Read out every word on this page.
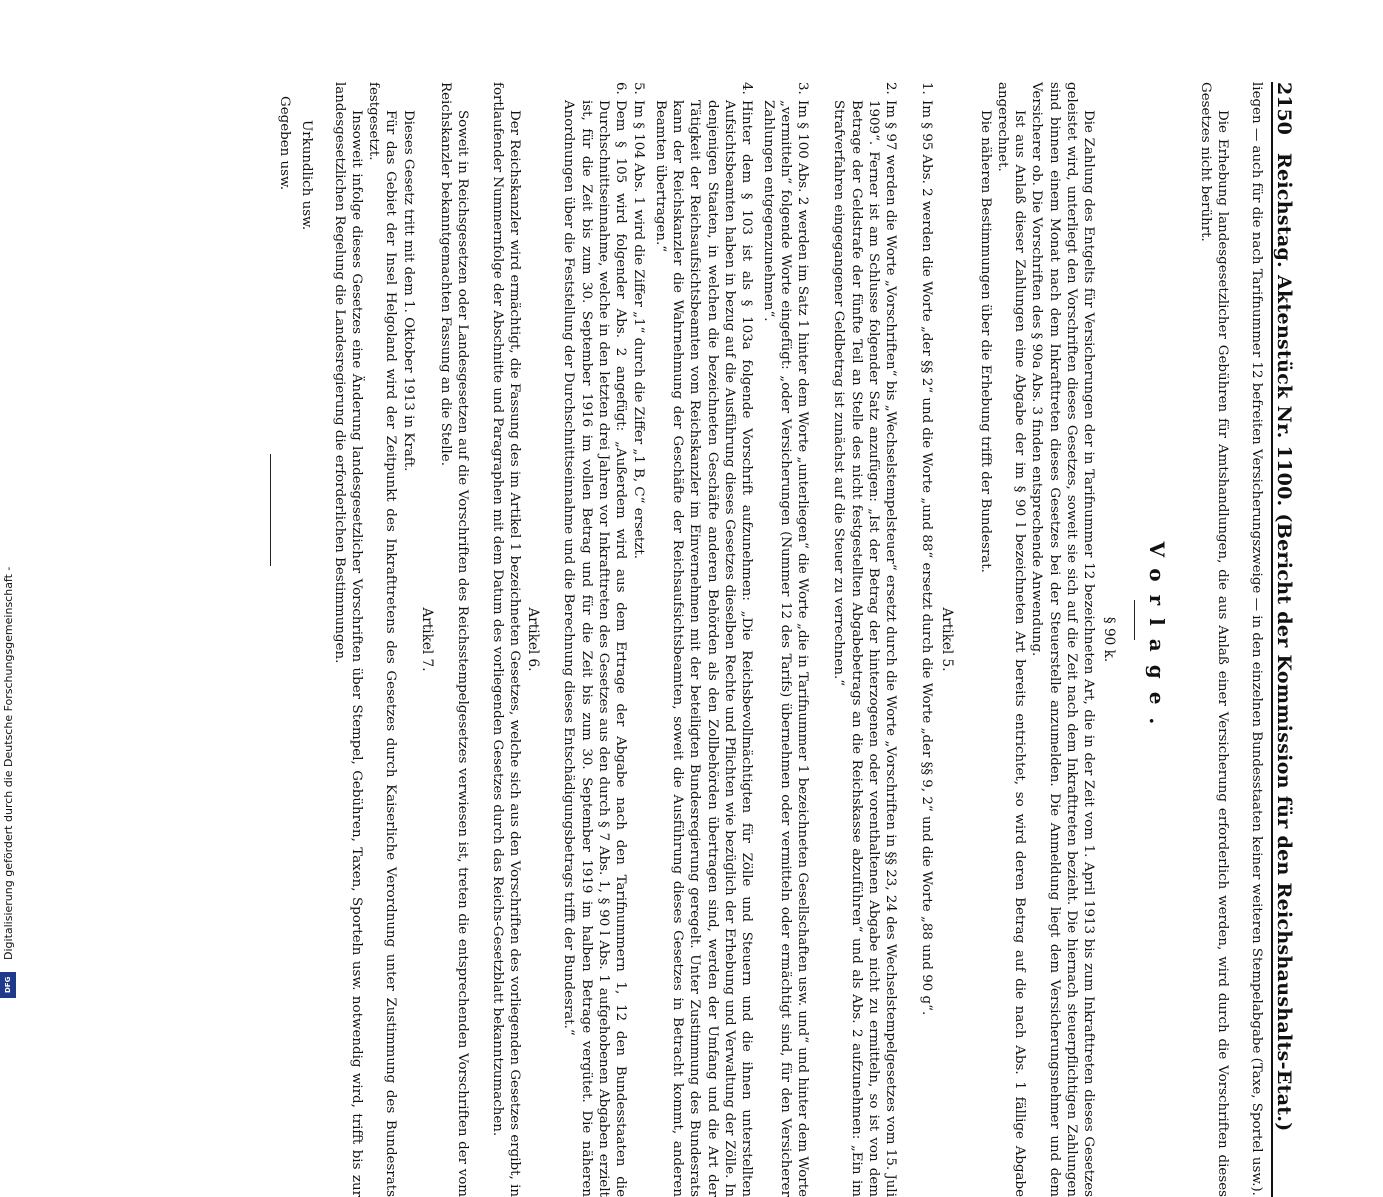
Digitalisierung gefördert durch die Deutsche Forschungsgemeinschaft -
DFG
2150
Reichstag. Aktenstück Nr. 1100. (Bericht der Kommission für den Reichshaushalts-Etat.)
liegen — auch für die nach Tarifnummer 12 befreiten Versicherungszweige — in den einzelnen Bundesstaaten keiner weiteren Stempelabgabe (Taxe, Sportel usw.).
Die Erhebung landesgesetzlicher Gebühren für Amtshandlungen, die aus Anlaß einer Versicherung erforderlich werden, wird durch die Vorschriften dieses Gesetzes nicht berührt.
Vorlage.
§ 90 k.
Die Zahlung des Entgelts für Versicherungen der in Tarifnummer 12 bezeichneten Art, die in der Zeit vom 1. April 1913 bis zum Inkrafttreten dieses Gesetzes geleistet wird, unterliegt den Vorschriften dieses Gesetzes, soweit sie sich auf die Zeit nach dem Inkrafttreten bezieht. Die hiernach steuerpflichtigen Zahlungen sind binnen einem Monat nach dem Inkrafttreten dieses Gesetzes bei der Steuerstelle anzumelden. Die Anmeldung liegt dem Versicherungsnehmer und dem Versicherer ob. Die Vorschriften des § 90a Abs. 3 finden entsprechende Anwendung.
Ist aus Anlaß dieser Zahlungen eine Abgabe der im § 90 l bezeichneten Art bereits entrichtet, so wird deren Betrag auf die nach Abs. 1 fällige Abgabe angerechnet.
Die näheren Bestimmungen über die Erhebung trifft der Bundesrat.
Artikel 5.
1.
Im § 95 Abs. 2 werden die Worte „der §§ 2“ und die Worte „und 88“ ersetzt durch die Worte „der §§ 9, 2“ und die Worte „88 und 90 g“.
2.
Im § 97 werden die Worte „Vorschriften“ bis „Wechselstempelsteuer“ ersetzt durch die Worte „Vorschriften in §§ 23, 24 des Wechselstempelgesetzes vom 15. Juli 1909“. Ferner ist am Schlusse folgender Satz anzufügen: „Ist der Betrag der hinterzogenen oder vorenthaltenen Abgabe nicht zu ermitteln, so ist von dem Betrage der Geldstrafe der fünfte Teil an Stelle des nicht festgestellten Abgabebetrags an die Reichskasse abzuführen“ und als Abs. 2 aufzunehmen: „Ein im Strafverfahren eingegangener Geldbetrag ist zunächst auf die Steuer zu verrechnen.“
3.
Im § 100 Abs. 2 werden im Satz 1 hinter dem Worte „unterliegen“ die Worte „die in Tarifnummer 1 bezeichneten Gesellschaften usw. und“ und hinter dem Worte „vermitteln“ folgende Worte eingefügt: „oder Versicherungen (Nummer 12 des Tarifs) übernehmen oder vermitteln oder ermächtigt sind, für den Versicherer Zahlungen entgegenzunehmen“.
4.
Hinter dem § 103 ist als § 103a folgende Vorschrift aufzunehmen: „Die Reichsbevollmächtigten für Zölle und Steuern und die ihnen unterstellten Aufsichtsbeamten haben in bezug auf die Ausführung dieses Gesetzes dieselben Rechte und Pflichten wie bezüglich der Erhebung und Verwaltung der Zölle. In denjenigen Staaten, in welchen die bezeichneten Geschäfte anderen Behörden als den Zollbehörden übertragen sind, werden der Umfang und die Art der Tätigkeit der Reichsaufsichtsbeamten vom Reichskanzler im Einvernehmen mit der beteiligten Bundesregierung geregelt. Unter Zustimmung des Bundesrats kann der Reichskanzler die Wahrnehmung der Geschäfte der Reichsaufsichtsbeamten, soweit die Ausführung dieses Gesetzes in Betracht kommt, anderen Beamten übertragen.“
5.
Im § 104 Abs. 1 wird die Ziffer „1“ durch die Ziffer „1 B, C“ ersetzt.
6.
Dem § 105 wird folgender Abs. 2 angefügt: „Außerdem wird aus dem Ertrage der Abgabe nach den Tarifnummern 1, 12 den Bundesstaaten die Durchschnittseinnahme, welche in den letzten drei Jahren vor Inkrafttreten des Gesetzes aus den durch § 7 Abs. 1, § 90 l Abs. 1 aufgehobenen Abgaben erzielt ist, für die Zeit bis zum 30. September 1916 im vollen Betrag und für die Zeit bis zum 30. September 1919 im halben Betrage vergütet. Die näheren Anordnungen über die Feststellung der Durchschnittseinnahme und die Berechnung dieses Entschädigungsbetrags trifft der Bundesrat.“
Artikel 6.
Der Reichskanzler wird ermächtigt, die Fassung des im Artikel 1 bezeichneten Gesetzes, welche sich aus den Vorschriften des vorliegenden Gesetzes ergibt, in fortlaufender Nummernfolge der Abschnitte und Paragraphen mit dem Datum des vorliegenden Gesetzes durch das Reichs-Gesetzblatt bekanntzumachen.
Soweit in Reichsgesetzen oder Landesgesetzen auf die Vorschriften des Reichsstempelgesetzes verwiesen ist, treten die entsprechenden Vorschriften der vom Reichskanzler bekanntgemachten Fassung an die Stelle.
Artikel 7.
Dieses Gesetz tritt mit dem 1. Oktober 1913 in Kraft.
Für das Gebiet der Insel Helgoland wird der Zeitpunkt des Inkrafttretens des Gesetzes durch Kaiserliche Verordnung unter Zustimmung des Bundesrats festgesetzt.
Insoweit infolge dieses Gesetzes eine Änderung landesgesetzlicher Vorschriften über Stempel, Gebühren, Taxen, Sporteln usw. notwendig wird, trifft bis zur landesgesetzlichen Regelung die Landesregierung die erforderlichen Bestimmungen.
Urkundlich usw.
Gegeben usw.
